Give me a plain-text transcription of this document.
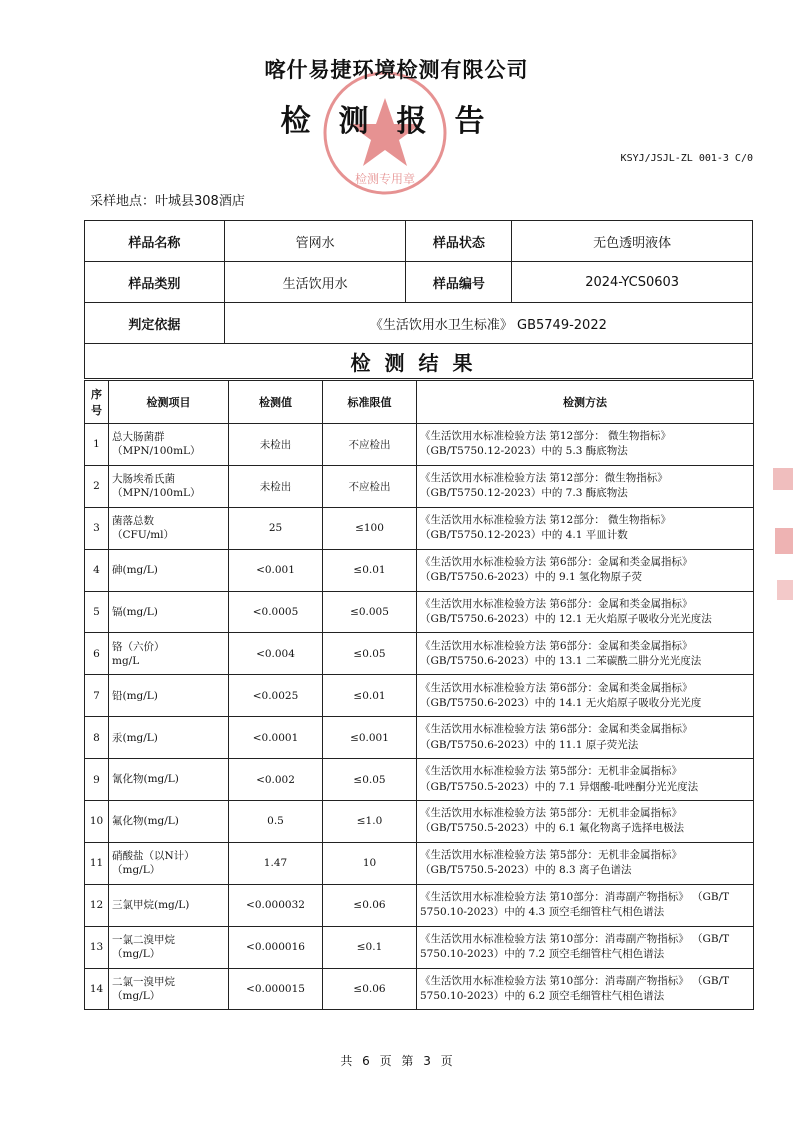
检测专用章
喀什易捷环境检测有限公司
检测报告
KSYJ/JSJL-ZL 001-3 C/0
采样地点：叶城县308酒店
样品名称	管网水	样品状态	无色透明液体
样品类别	生活饮用水	样品编号	2024-YCS0603
判定依据	《生活饮用水卫生标准》 GB5749-2022		
检测结果			
序号	检测项目	检测值	标准限值	检测方法
1	总大肠菌群
（MPN/100mL）	未检出	不应检出	《生活饮用水标准检验方法 第12部分： 微生物指标》
（GB/T5750.12-2023）中的 5.3 酶底物法
2	大肠埃希氏菌
（MPN/100mL）	未检出	不应检出	《生活饮用水标准检验方法 第12部分：微生物指标》
（GB/T5750.12-2023）中的 7.3 酶底物法
3	菌落总数
（CFU/ml）	25	≤100	《生活饮用水标准检验方法 第12部分： 微生物指标》
（GB/T5750.12-2023）中的 4.1 平皿计数
4	砷(mg/L)	<0.001	≤0.01	《生活饮用水标准检验方法 第6部分：金属和类金属指标》
（GB/T5750.6-2023）中的 9.1 氢化物原子荧
5	镉(mg/L)	<0.0005	≤0.005	《生活饮用水标准检验方法 第6部分：金属和类金属指标》
（GB/T5750.6-2023）中的 12.1 无火焰原子吸收分光光度法
6	铬（六价）
mg/L	<0.004	≤0.05	《生活饮用水标准检验方法 第6部分：金属和类金属指标》
（GB/T5750.6-2023）中的 13.1 二苯碳酰二肼分光光度法
7	铅(mg/L)	<0.0025	≤0.01	《生活饮用水标准检验方法 第6部分：金属和类金属指标》
（GB/T5750.6-2023）中的 14.1 无火焰原子吸收分光光度
8	汞(mg/L)	<0.0001	≤0.001	《生活饮用水标准检验方法 第6部分：金属和类金属指标》
（GB/T5750.6-2023）中的 11.1 原子荧光法
9	氰化物(mg/L)	<0.002	≤0.05	《生活饮用水标准检验方法 第5部分：无机非金属指标》
（GB/T5750.5-2023）中的 7.1 异烟酸-吡唑酮分光光度法
10	氟化物(mg/L)	0.5	≤1.0	《生活饮用水标准检验方法 第5部分：无机非金属指标》
（GB/T5750.5-2023）中的 6.1 氟化物离子选择电极法
11	硝酸盐（以N计）
（mg/L）	1.47	10	《生活饮用水标准检验方法 第5部分：无机非金属指标》
（GB/T5750.5-2023）中的 8.3 离子色谱法
12	三氯甲烷(mg/L)	<0.000032	≤0.06	《生活饮用水标准检验方法 第10部分：消毒副产物指标》 （GB/T
5750.10-2023）中的 4.3 顶空毛细管柱气相色谱法
13	一氯二溴甲烷
（mg/L）	<0.000016	≤0.1	《生活饮用水标准检验方法 第10部分：消毒副产物指标》 （GB/T
5750.10-2023）中的 7.2 顶空毛细管柱气相色谱法
14	二氯一溴甲烷
（mg/L）	<0.000015	≤0.06	《生活饮用水标准检验方法 第10部分：消毒副产物指标》 （GB/T
5750.10-2023）中的 6.2 顶空毛细管柱气相色谱法
共 6 页 第 3 页
